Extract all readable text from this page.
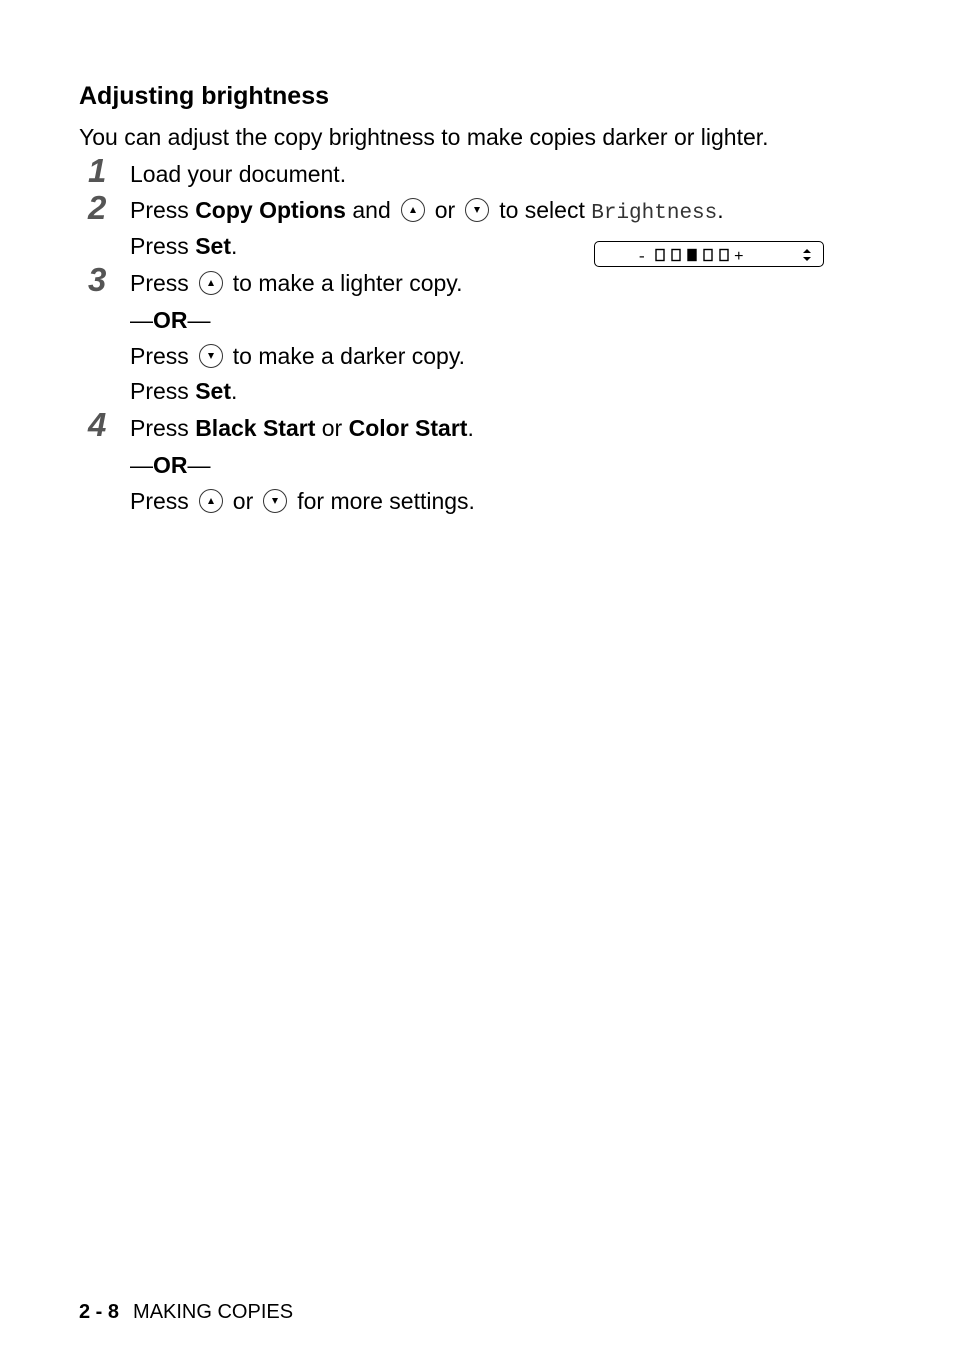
Adjusting brightness

You can adjust the copy brightness to make copies darker or lighter.

1 Load your document.
2 Press Copy Options and or to select Brightness.
Press Set.	-	+
3 Press to make a lighter copy.
—OR—
Press to make a darker copy.
Press Set.
4 Press Black Start or Color Start.
—OR—
Press or for more settings.
2 - 8 MAKING COPIES
